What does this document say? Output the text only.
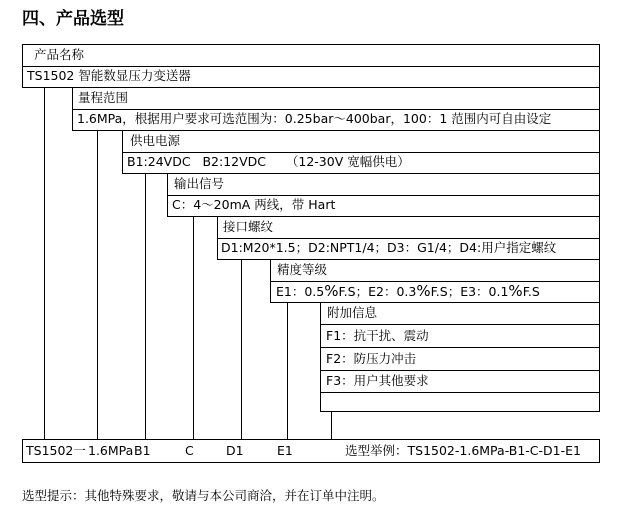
四、产品选型
产品名称
TS1502 智能数显压力变送器
量程范围
1.6MPa，根据用户要求可选范围为：0.25bar～400bar，100：1 范围内可自由设定
供电电源
B1:24VDC   B2:12VDC     （12-30V 宽幅供电）
输出信号
C：4～20mA 两线，带 Hart
接口螺纹
D1:M20*1.5；D2:NPT1/4；D3：G1/4；D4:用户指定螺纹
精度等级
E1：0.5%F.S；E2：0.3%F.S；E3：0.1%F.S
附加信息
F1：抗干扰、震动
F2：防压力冲击
F3：用户其他要求
TS1502一 1.6MPa B1	C	D1	E1	选型举例：TS1502-1.6MPa-B1-C-D1-E1
选型提示：其他特殊要求，敬请与本公司商洽，并在订单中注明。
